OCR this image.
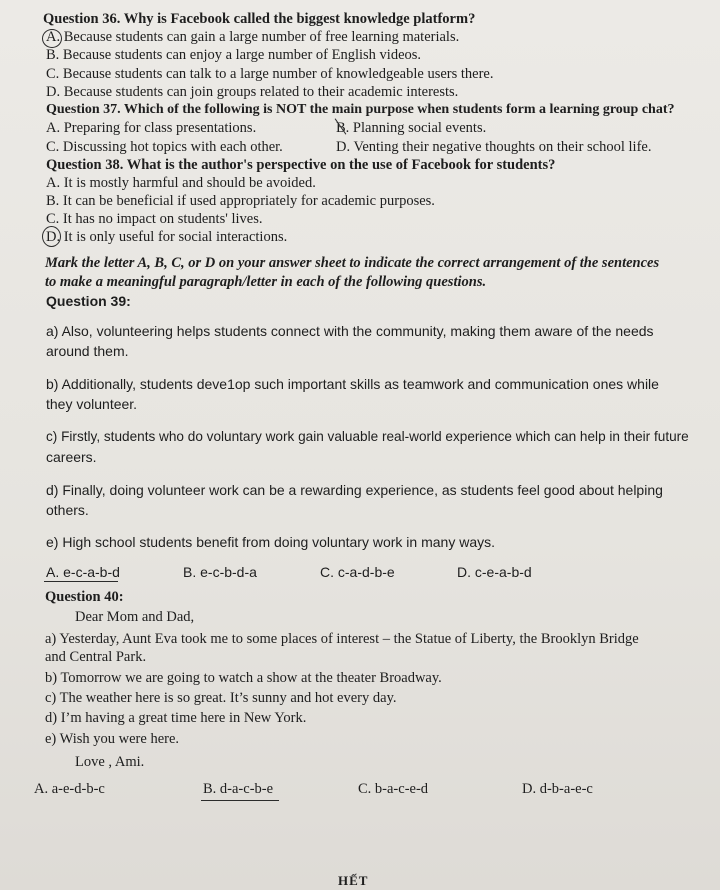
Question 36. Why is Facebook called the biggest knowledge platform?
A. Because students can gain a large number of free learning materials.
B. Because students can enjoy a large number of English videos.
C. Because students can talk to a large number of knowledgeable users there.
D. Because students can join groups related to their academic interests.
Question 37. Which of the following is NOT the main purpose when students form a learning group chat?
A. Preparing for class presentations.	B. Planning social events.
C. Discussing hot topics with each other.	D. Venting their negative thoughts on their school life.
Question 38. What is the author's perspective on the use of Facebook for students?
A. It is mostly harmful and should be avoided.
B. It can be beneficial if used appropriately for academic purposes.
C. It has no impact on students' lives.
D. It is only useful for social interactions.
Mark the letter A, B, C, or D on your answer sheet to indicate the correct arrangement of the sentences
to make a meaningful paragraph/letter in each of the following questions.
Question 39:
a) Also, volunteering helps students connect with the community, making them aware of the needs
around them.
b) Additionally, students deve1op such important skills as teamwork and communication ones while
they volunteer.
c) Firstly, students who do voluntary work gain valuable real-world experience which can help in their future
careers.
d) Finally, doing volunteer work can be a rewarding experience, as students feel good about helping
others.
e) High school students benefit from doing voluntary work in many ways.
A. e-c-a-b-d	B. e-c-b-d-a	C. c-a-d-b-e	D. c-e-a-b-d
Question 40:
Dear Mom and Dad,
a) Yesterday, Aunt Eva took me to some places of interest – the Statue of Liberty, the Brooklyn Bridge
and Central Park.
b) Tomorrow we are going to watch a show at the theater Broadway.
c) The weather here is so great. It’s sunny and hot every day.
d) I’m having a great time here in New York.
e) Wish you were here.
Love , Ami.
A. a-e-d-b-c	B. d-a-c-b-e	C. b-a-c-e-d	D. d-b-a-e-c
HẾT
